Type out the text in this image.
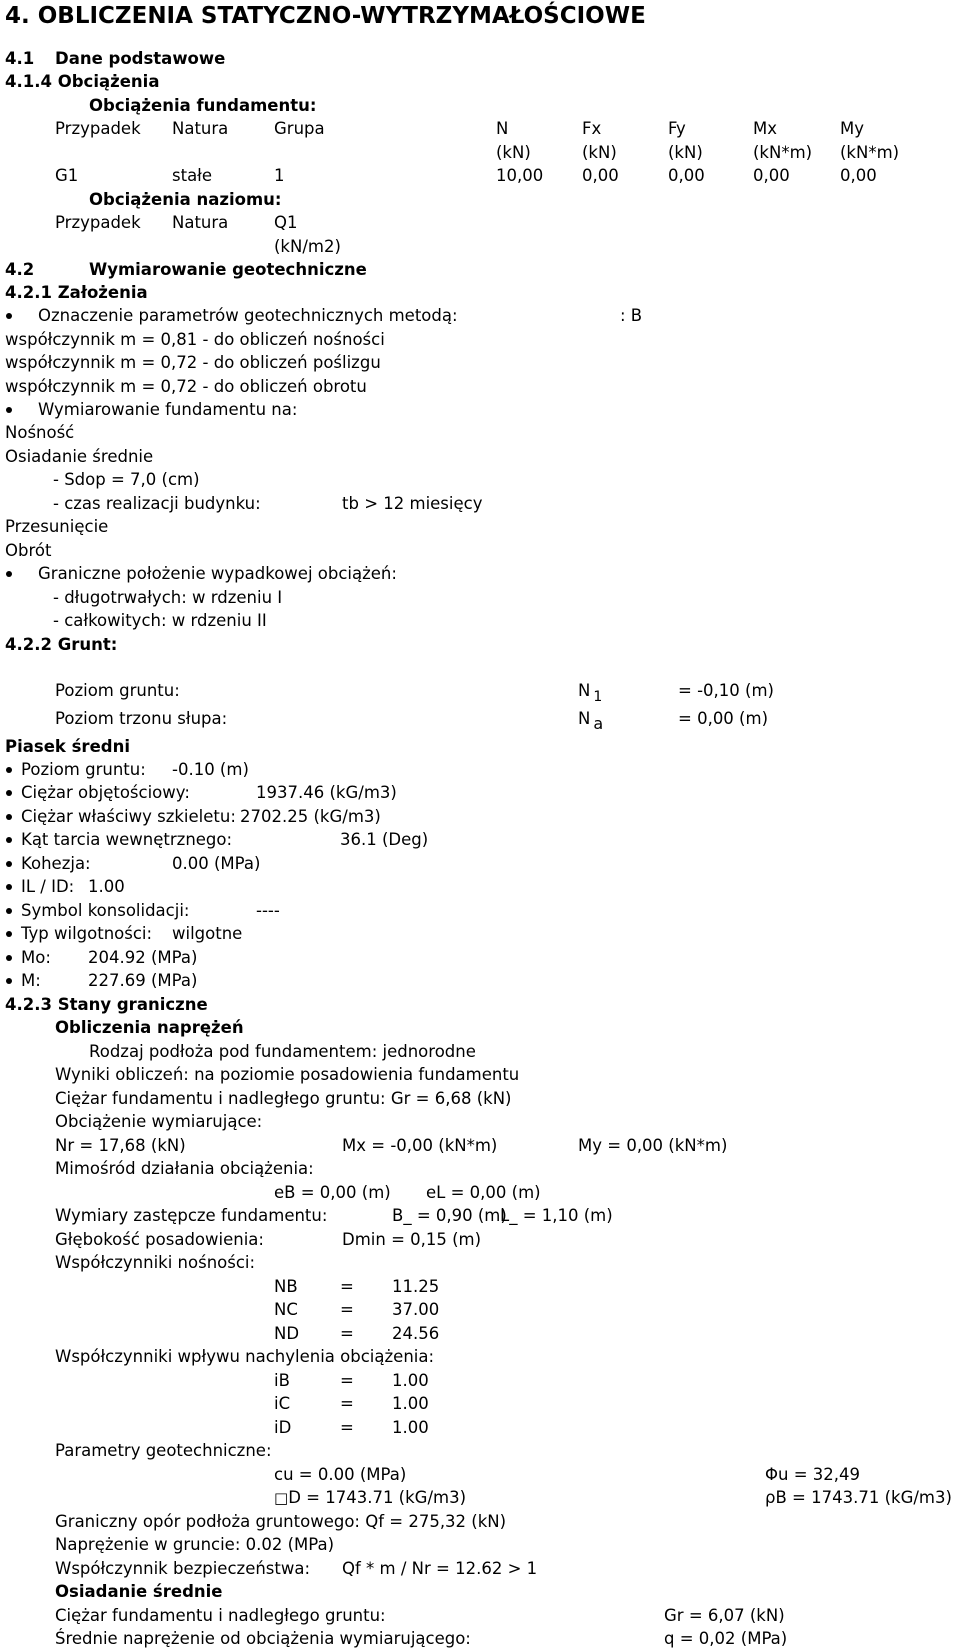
4. OBLICZENIA STATYCZNO-WYTRZYMAŁOŚCIOWE
4.1 Dane podstawowe
4.1.4 Obciążenia
Obciążenia fundamentu:
Przypadek Natura	Grupa	N	Fx	Fy	Mx	My
(kN)	(kN)	(kN)	(kN*m) (kN*m)
G1	stałe	1	10,00 0,00	0,00	0,00	0,00
Obciążenia naziomu:
Przypadek Natura	Q1
(kN/m2)
4.2	Wymiarowanie geotechniczne
4.2.1 Założenia
Oznaczenie parametrów geotechnicznych metodą:	: B
współczynnik m = 0,81 - do obliczeń nośności
współczynnik m = 0,72 - do obliczeń poślizgu
współczynnik m = 0,72 - do obliczeń obrotu
Wymiarowanie fundamentu na:
Nośność
Osiadanie średnie
- Sdop = 7,0 (cm)
- czas realizacji budynku:	tb > 12 miesięcy
Przesunięcie
Obrót
Graniczne położenie wypadkowej obciążeń:
- długotrwałych: w rdzeniu I
- całkowitych: w rdzeniu II
4.2.2 Grunt:
Poziom gruntu:	N $_1$	= -0,10 (m)
Poziom trzonu słupa:	N a	= 0,00 (m)
Piasek średni
Poziom gruntu: -0.10 (m)
Ciężar objętościowy:	1937.46 (kG/m3)
Ciężar właściwy szkieletu: 2702.25 (kG/m3)
Kąt tarcia wewnętrznego:	36.1 (Deg)
Kohezja:	0.00 (MPa)
IL / ID: 1.00
Symbol konsolidacji:	----
Typ wilgotności: wilgotne
Mo: 204.92 (MPa)
M:	227.69 (MPa)
4.2.3 Stany graniczne
Obliczenia naprężeń
Rodzaj podłoża pod fundamentem: jednorodne
Wyniki obliczeń: na poziomie posadowienia fundamentu
Ciężar fundamentu i nadległego gruntu: Gr = 6,68 (kN)
Obciążenie wymiarujące:
Nr = 17,68 (kN)	Mx = -0,00 (kN*m)	My = 0,00 (kN*m)
Mimośród działania obciążenia:
eB = 0,00 (m) eL = 0,00 (m)
Wymiary zastępcze fundamentu:	B_ = 0,90 (m)
L_ = 1,10 (m)
Głębokość posadowienia:	Dmin = 0,15 (m)
Współczynniki nośności:
NB	= 11.25
NC	= 37.00
ND = 24.56
Współczynniki wpływu nachylenia obciążenia:
iB	= 1.00
iC	= 1.00
iD	= 1.00
Parametry geotechniczne:
cu = 0.00 (MPa)	Φu = 32,49
□D = 1743.71 (kG/m3)	ρB = 1743.71 (kG/m3)
Graniczny opór podłoża gruntowego: Qf = 275,32 (kN)
Naprężenie w gruncie: 0.02 (MPa)
Współczynnik bezpieczeństwa: Qf * m / Nr = 12.62 > 1
Osiadanie średnie
Ciężar fundamentu i nadległego gruntu:	Gr = 6,07 (kN)
Średnie naprężenie od obciążenia wymiarującego:	q = 0,02 (MPa)
